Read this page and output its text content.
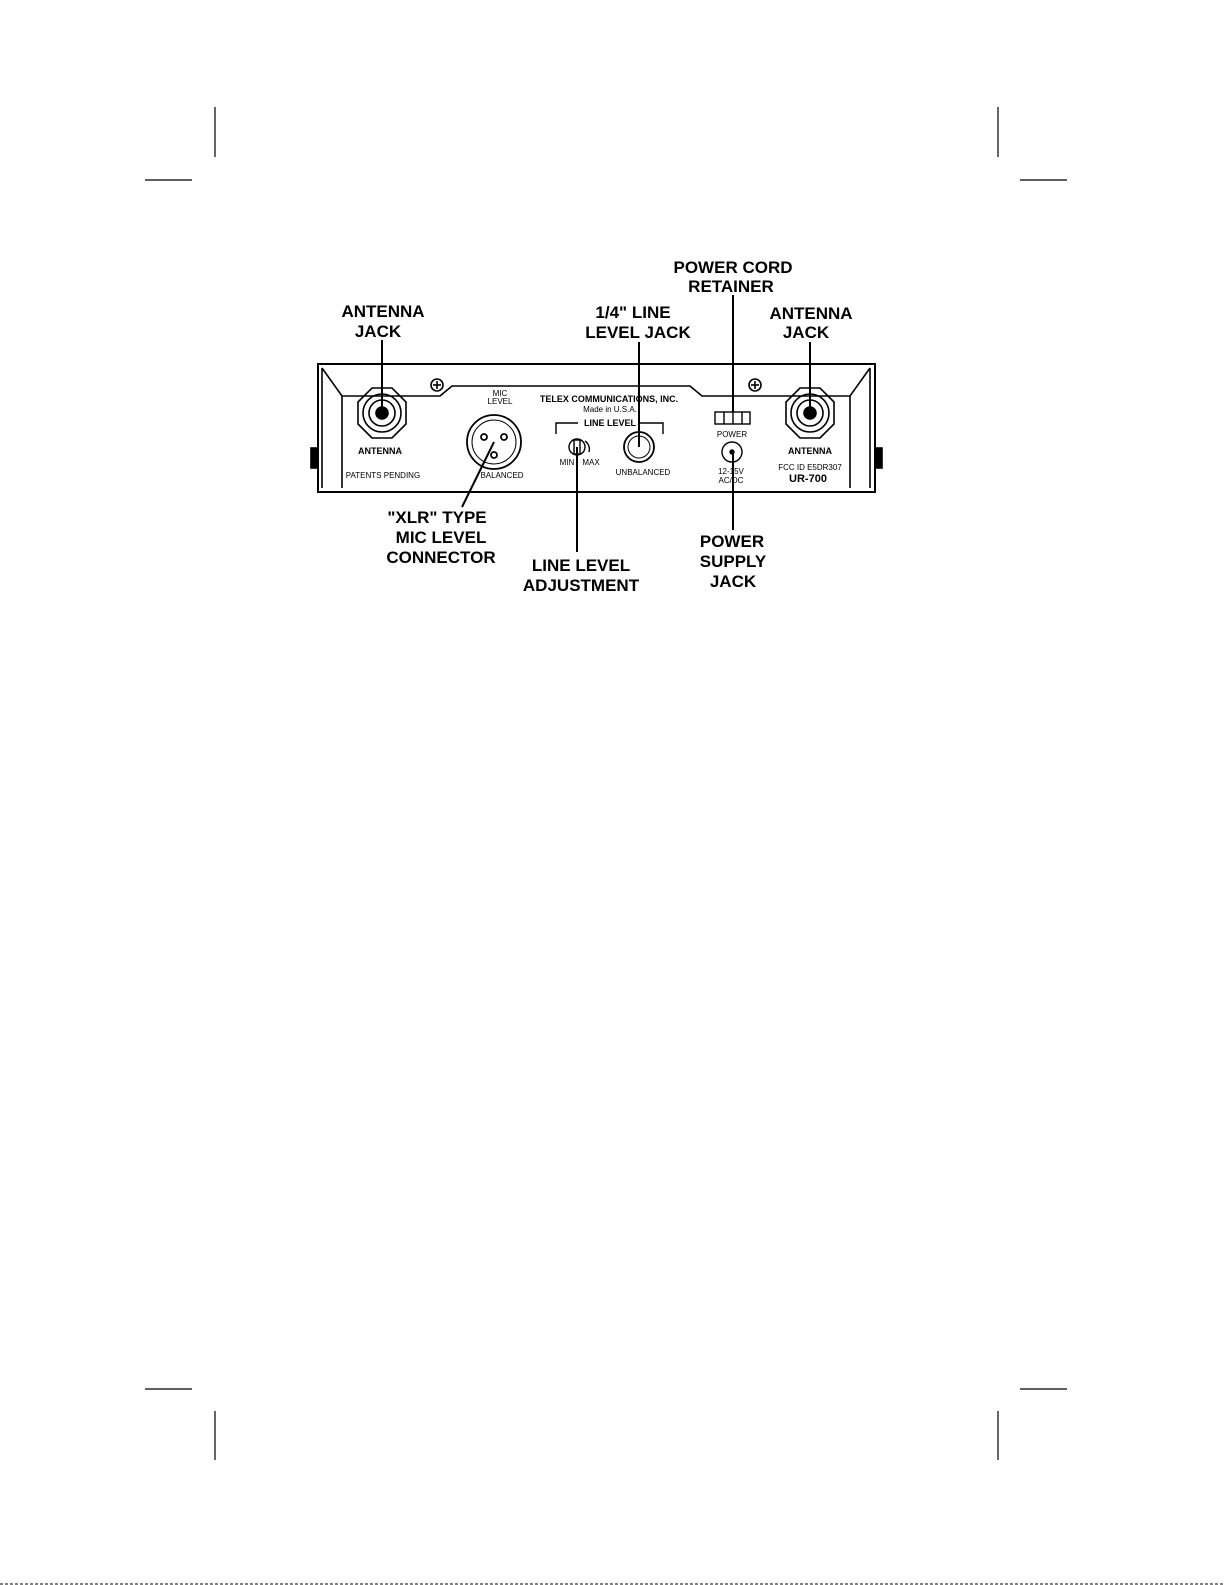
ANTENNA
PATENTS PENDING
MIC
LEVEL
BALANCED
TELEX COMMUNICATIONS, INC.
Made in U.S.A.
LINE LEVEL
MIN MAX
UNBALANCED
POWER
12-15V
AC/DC
ANTENNA
FCC ID E5DR307
UR-700
ANTENNA
JACK
"XLR" TYPE
MIC LEVEL
CONNECTOR
1/4" LINE
LEVEL JACK
LINE LEVEL
ADJUSTMENT
POWER CORD
RETAINER
POWER
SUPPLY
JACK
ANTENNA
JACK
